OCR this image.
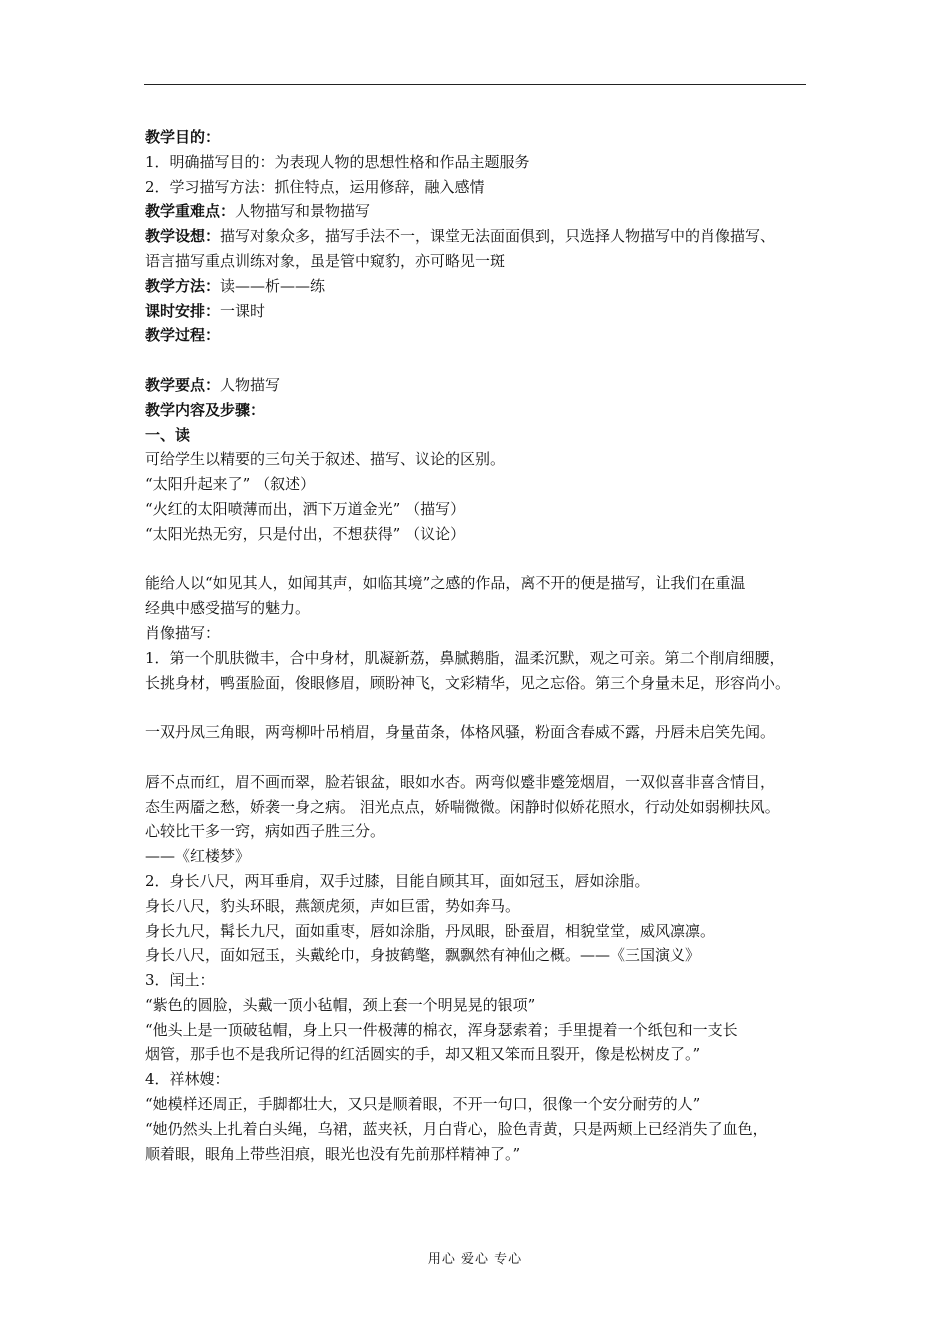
教学目的：
1．明确描写目的：为表现人物的思想性格和作品主题服务
2．学习描写方法：抓住特点，运用修辞，融入感情
教学重难点：人物描写和景物描写
教学设想：描写对象众多，描写手法不一，课堂无法面面俱到，只选择人物描写中的肖像描写、
语言描写重点训练对象，虽是管中窥豹，亦可略见一斑
教学方法：读——析——练
课时安排：一课时
教学过程：
教学要点：人物描写
教学内容及步骤：
一、读
可给学生以精要的三句关于叙述、描写、议论的区别。
“太阳升起来了” （叙述）
“火红的太阳喷薄而出，洒下万道金光” （描写）
“太阳光热无穷，只是付出，不想获得” （议论）
能给人以“如见其人，如闻其声，如临其境”之感的作品，离不开的便是描写，让我们在重温
经典中感受描写的魅力。
肖像描写：
1．第一个肌肤微丰，合中身材，肌凝新荔，鼻腻鹅脂，温柔沉默，观之可亲。第二个削肩细腰，
长挑身材，鸭蛋脸面，俊眼修眉，顾盼神飞，文彩精华，见之忘俗。第三个身量未足，形容尚小。
一双丹凤三角眼，两弯柳叶吊梢眉，身量苗条，体格风骚，粉面含春威不露，丹唇未启笑先闻。
唇不点而红，眉不画而翠，脸若银盆，眼如水杏。两弯似蹙非蹙笼烟眉，一双似喜非喜含情目，
态生两靥之愁，娇袭一身之病。 泪光点点，娇喘微微。闲静时似娇花照水，行动处如弱柳扶风。
心较比干多一窍，病如西子胜三分。
——《红楼梦》
2．身长八尺，两耳垂肩，双手过膝，目能自顾其耳，面如冠玉，唇如涂脂。
身长八尺，豹头环眼，燕颔虎须，声如巨雷，势如奔马。
身长九尺，髯长九尺，面如重枣，唇如涂脂，丹凤眼，卧蚕眉，相貌堂堂，威风凛凛。
身长八尺，面如冠玉，头戴纶巾，身披鹤氅，飘飘然有神仙之概。——《三国演义》
3．闰土：
“紫色的圆脸，头戴一顶小毡帽，颈上套一个明晃晃的银项”
“他头上是一顶破毡帽，身上只一件极薄的棉衣，浑身瑟索着；手里提着一个纸包和一支长
烟管，那手也不是我所记得的红活圆实的手，却又粗又笨而且裂开，像是松树皮了。”
4．祥林嫂：
“她模样还周正，手脚都壮大，又只是顺着眼，不开一句口，很像一个安分耐劳的人”
“她仍然头上扎着白头绳，乌裙，蓝夹袄，月白背心，脸色青黄，只是两颊上已经消失了血色，
顺着眼，眼角上带些泪痕，眼光也没有先前那样精神了。”
用心 爱心 专心
